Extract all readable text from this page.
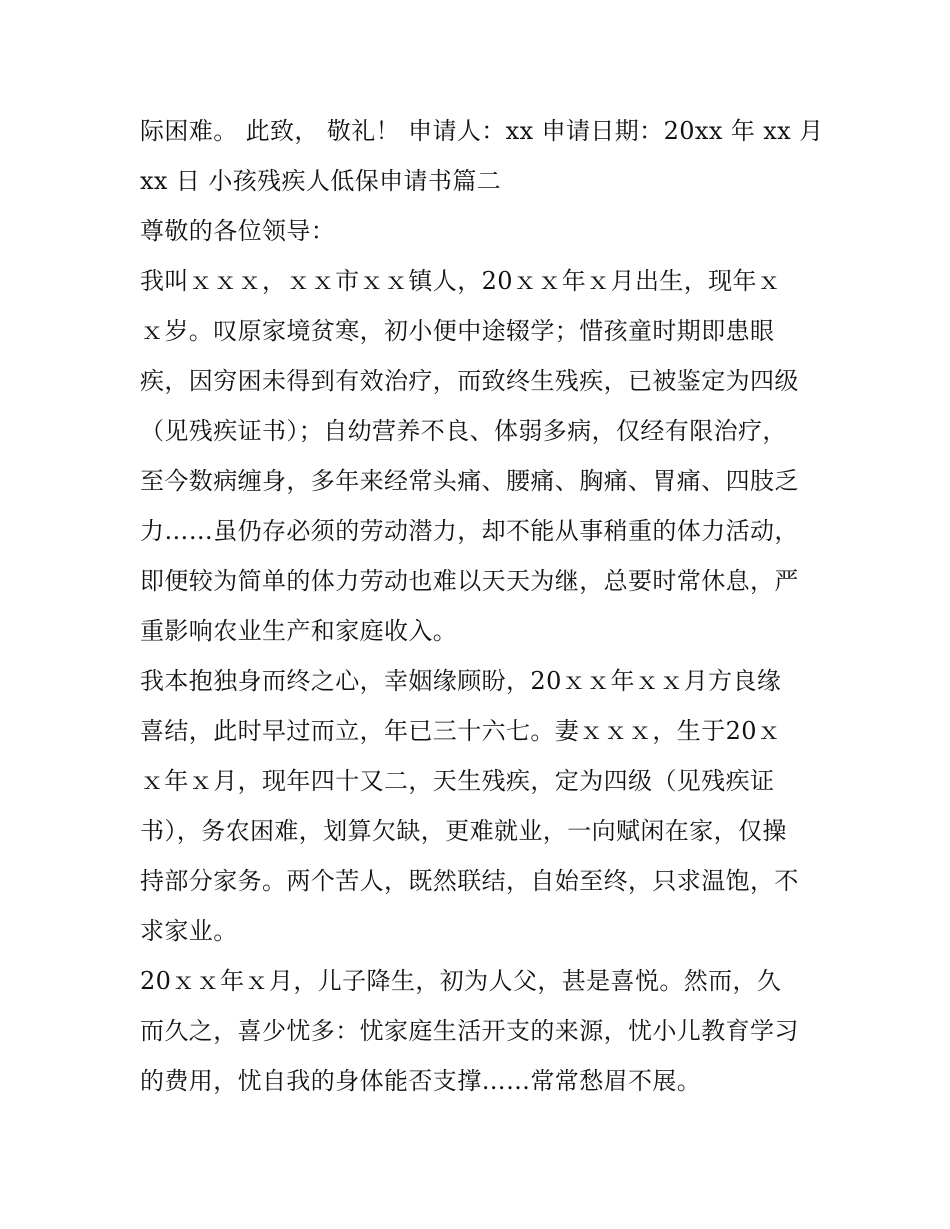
际困难。 此致， 敬礼！ 申请人：xx 申请日期：20xx 年 xx 月

xx 日 小孩残疾人低保申请书篇二

尊敬的各位领导：

我叫ｘｘｘ，ｘｘ市ｘｘ镇人，20ｘｘ年ｘ月出生，现年ｘ

ｘ岁。叹原家境贫寒，初小便中途辍学；惜孩童时期即患眼

疾，因穷困未得到有效治疗，而致终生残疾，已被鉴定为四级

（见残疾证书）；自幼营养不良、体弱多病，仅经有限治疗，

至今数病缠身，多年来经常头痛、腰痛、胸痛、胃痛、四肢乏

力……虽仍存必须的劳动潜力，却不能从事稍重的体力活动，

即便较为简单的体力劳动也难以天天为继，总要时常休息，严

重影响农业生产和家庭收入。

我本抱独身而终之心，幸姻缘顾盼，20ｘｘ年ｘｘ月方良缘

喜结，此时早过而立，年已三十六七。妻ｘｘｘ，生于20ｘ

ｘ年ｘ月，现年四十又二，天生残疾，定为四级（见残疾证

书），务农困难，划算欠缺，更难就业，一向赋闲在家，仅操

持部分家务。两个苦人，既然联结，自始至终，只求温饱，不

求家业。

20ｘｘ年ｘ月，儿子降生，初为人父，甚是喜悦。然而，久

而久之，喜少忧多：忧家庭生活开支的来源，忧小儿教育学习

的费用，忧自我的身体能否支撑……常常愁眉不展。
